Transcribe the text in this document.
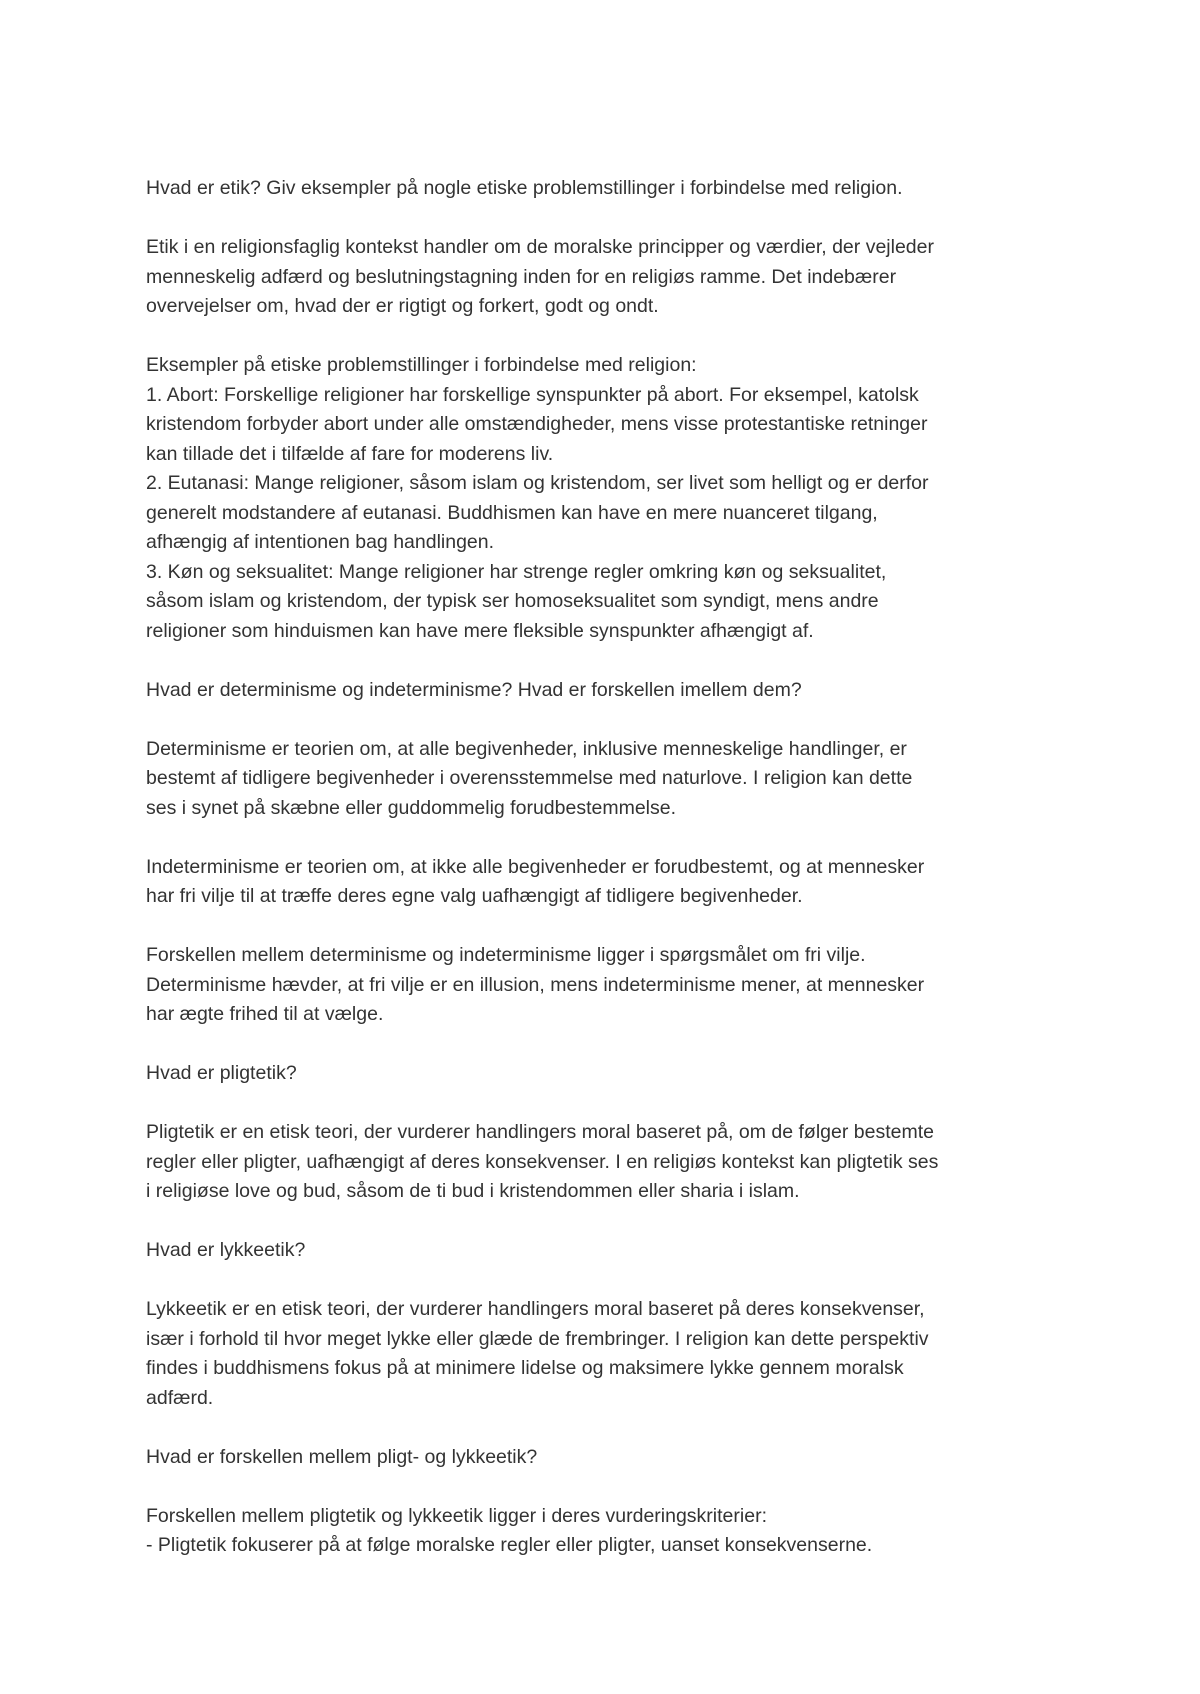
Hvad er etik? Giv eksempler på nogle etiske problemstillinger i forbindelse med religion.
Etik i en religionsfaglig kontekst handler om de moralske principper og værdier, der vejleder
menneskelig adfærd og beslutningstagning inden for en religiøs ramme. Det indebærer
overvejelser om, hvad der er rigtigt og forkert, godt og ondt.
Eksempler på etiske problemstillinger i forbindelse med religion:
1. Abort: Forskellige religioner har forskellige synspunkter på abort. For eksempel, katolsk
kristendom forbyder abort under alle omstændigheder, mens visse protestantiske retninger
kan tillade det i tilfælde af fare for moderens liv.
2. Eutanasi: Mange religioner, såsom islam og kristendom, ser livet som helligt og er derfor
generelt modstandere af eutanasi. Buddhismen kan have en mere nuanceret tilgang,
afhængig af intentionen bag handlingen.
3. Køn og seksualitet: Mange religioner har strenge regler omkring køn og seksualitet,
såsom islam og kristendom, der typisk ser homoseksualitet som syndigt, mens andre
religioner som hinduismen kan have mere fleksible synspunkter afhængigt af.
Hvad er determinisme og indeterminisme? Hvad er forskellen imellem dem?
Determinisme er teorien om, at alle begivenheder, inklusive menneskelige handlinger, er
bestemt af tidligere begivenheder i overensstemmelse med naturlove. I religion kan dette
ses i synet på skæbne eller guddommelig forudbestemmelse.
Indeterminisme er teorien om, at ikke alle begivenheder er forudbestemt, og at mennesker
har fri vilje til at træffe deres egne valg uafhængigt af tidligere begivenheder.
Forskellen mellem determinisme og indeterminisme ligger i spørgsmålet om fri vilje.
Determinisme hævder, at fri vilje er en illusion, mens indeterminisme mener, at mennesker
har ægte frihed til at vælge.
Hvad er pligtetik?
Pligtetik er en etisk teori, der vurderer handlingers moral baseret på, om de følger bestemte
regler eller pligter, uafhængigt af deres konsekvenser. I en religiøs kontekst kan pligtetik ses
i religiøse love og bud, såsom de ti bud i kristendommen eller sharia i islam.
Hvad er lykkeetik?
Lykkeetik er en etisk teori, der vurderer handlingers moral baseret på deres konsekvenser,
især i forhold til hvor meget lykke eller glæde de frembringer. I religion kan dette perspektiv
findes i buddhismens fokus på at minimere lidelse og maksimere lykke gennem moralsk
adfærd.
Hvad er forskellen mellem pligt- og lykkeetik?
Forskellen mellem pligtetik og lykkeetik ligger i deres vurderingskriterier:
- Pligtetik fokuserer på at følge moralske regler eller pligter, uanset konsekvenserne.
